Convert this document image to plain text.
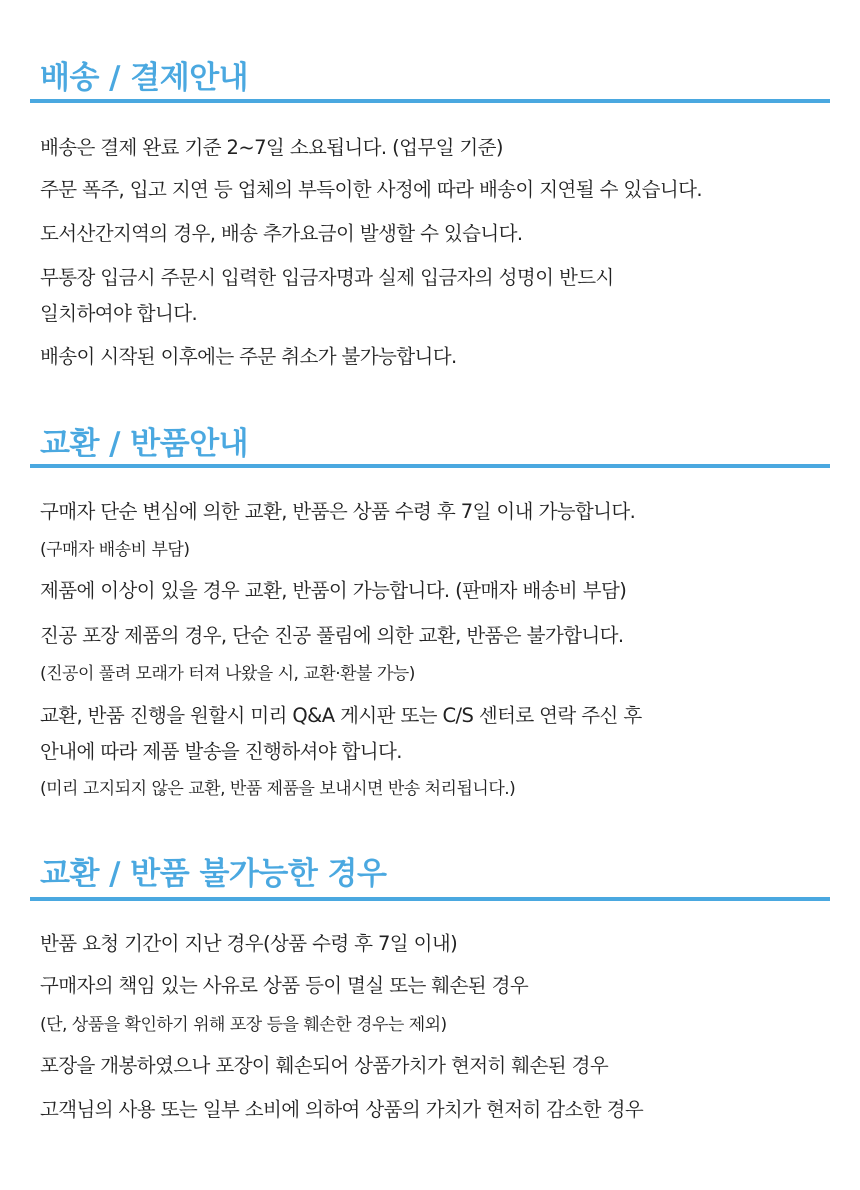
배송 / 결제안내
배송은 결제 완료 기준 2~7일 소요됩니다. (업무일 기준)
주문 폭주, 입고 지연 등 업체의 부득이한 사정에 따라 배송이 지연될 수 있습니다.
도서산간지역의 경우, 배송 추가요금이 발생할 수 있습니다.
무통장 입금시 주문시 입력한 입금자명과 실제 입금자의 성명이 반드시
일치하여야 합니다.
배송이 시작된 이후에는 주문 취소가 불가능합니다.
교환 / 반품안내
구매자 단순 변심에 의한 교환, 반품은 상품 수령 후 7일 이내 가능합니다.
(구매자 배송비 부담)
제품에 이상이 있을 경우 교환, 반품이 가능합니다. (판매자 배송비 부담)
진공 포장 제품의 경우, 단순 진공 풀림에 의한 교환, 반품은 불가합니다.
(진공이 풀려 모래가 터져 나왔을 시, 교환·환불 가능)
교환, 반품 진행을 원할시 미리 Q&A 게시판 또는 C/S 센터로 연락 주신 후
안내에 따라 제품 발송을 진행하셔야 합니다.
(미리 고지되지 않은 교환, 반품 제품을 보내시면 반송 처리됩니다.)
교환 / 반품 불가능한 경우
반품 요청 기간이 지난 경우(상품 수령 후 7일 이내)
구매자의 책임 있는 사유로 상품 등이 멸실 또는 훼손된 경우
(단, 상품을 확인하기 위해 포장 등을 훼손한 경우는 제외)
포장을 개봉하였으나 포장이 훼손되어 상품가치가 현저히 훼손된 경우
고객님의 사용 또는 일부 소비에 의하여 상품의 가치가 현저히 감소한 경우
